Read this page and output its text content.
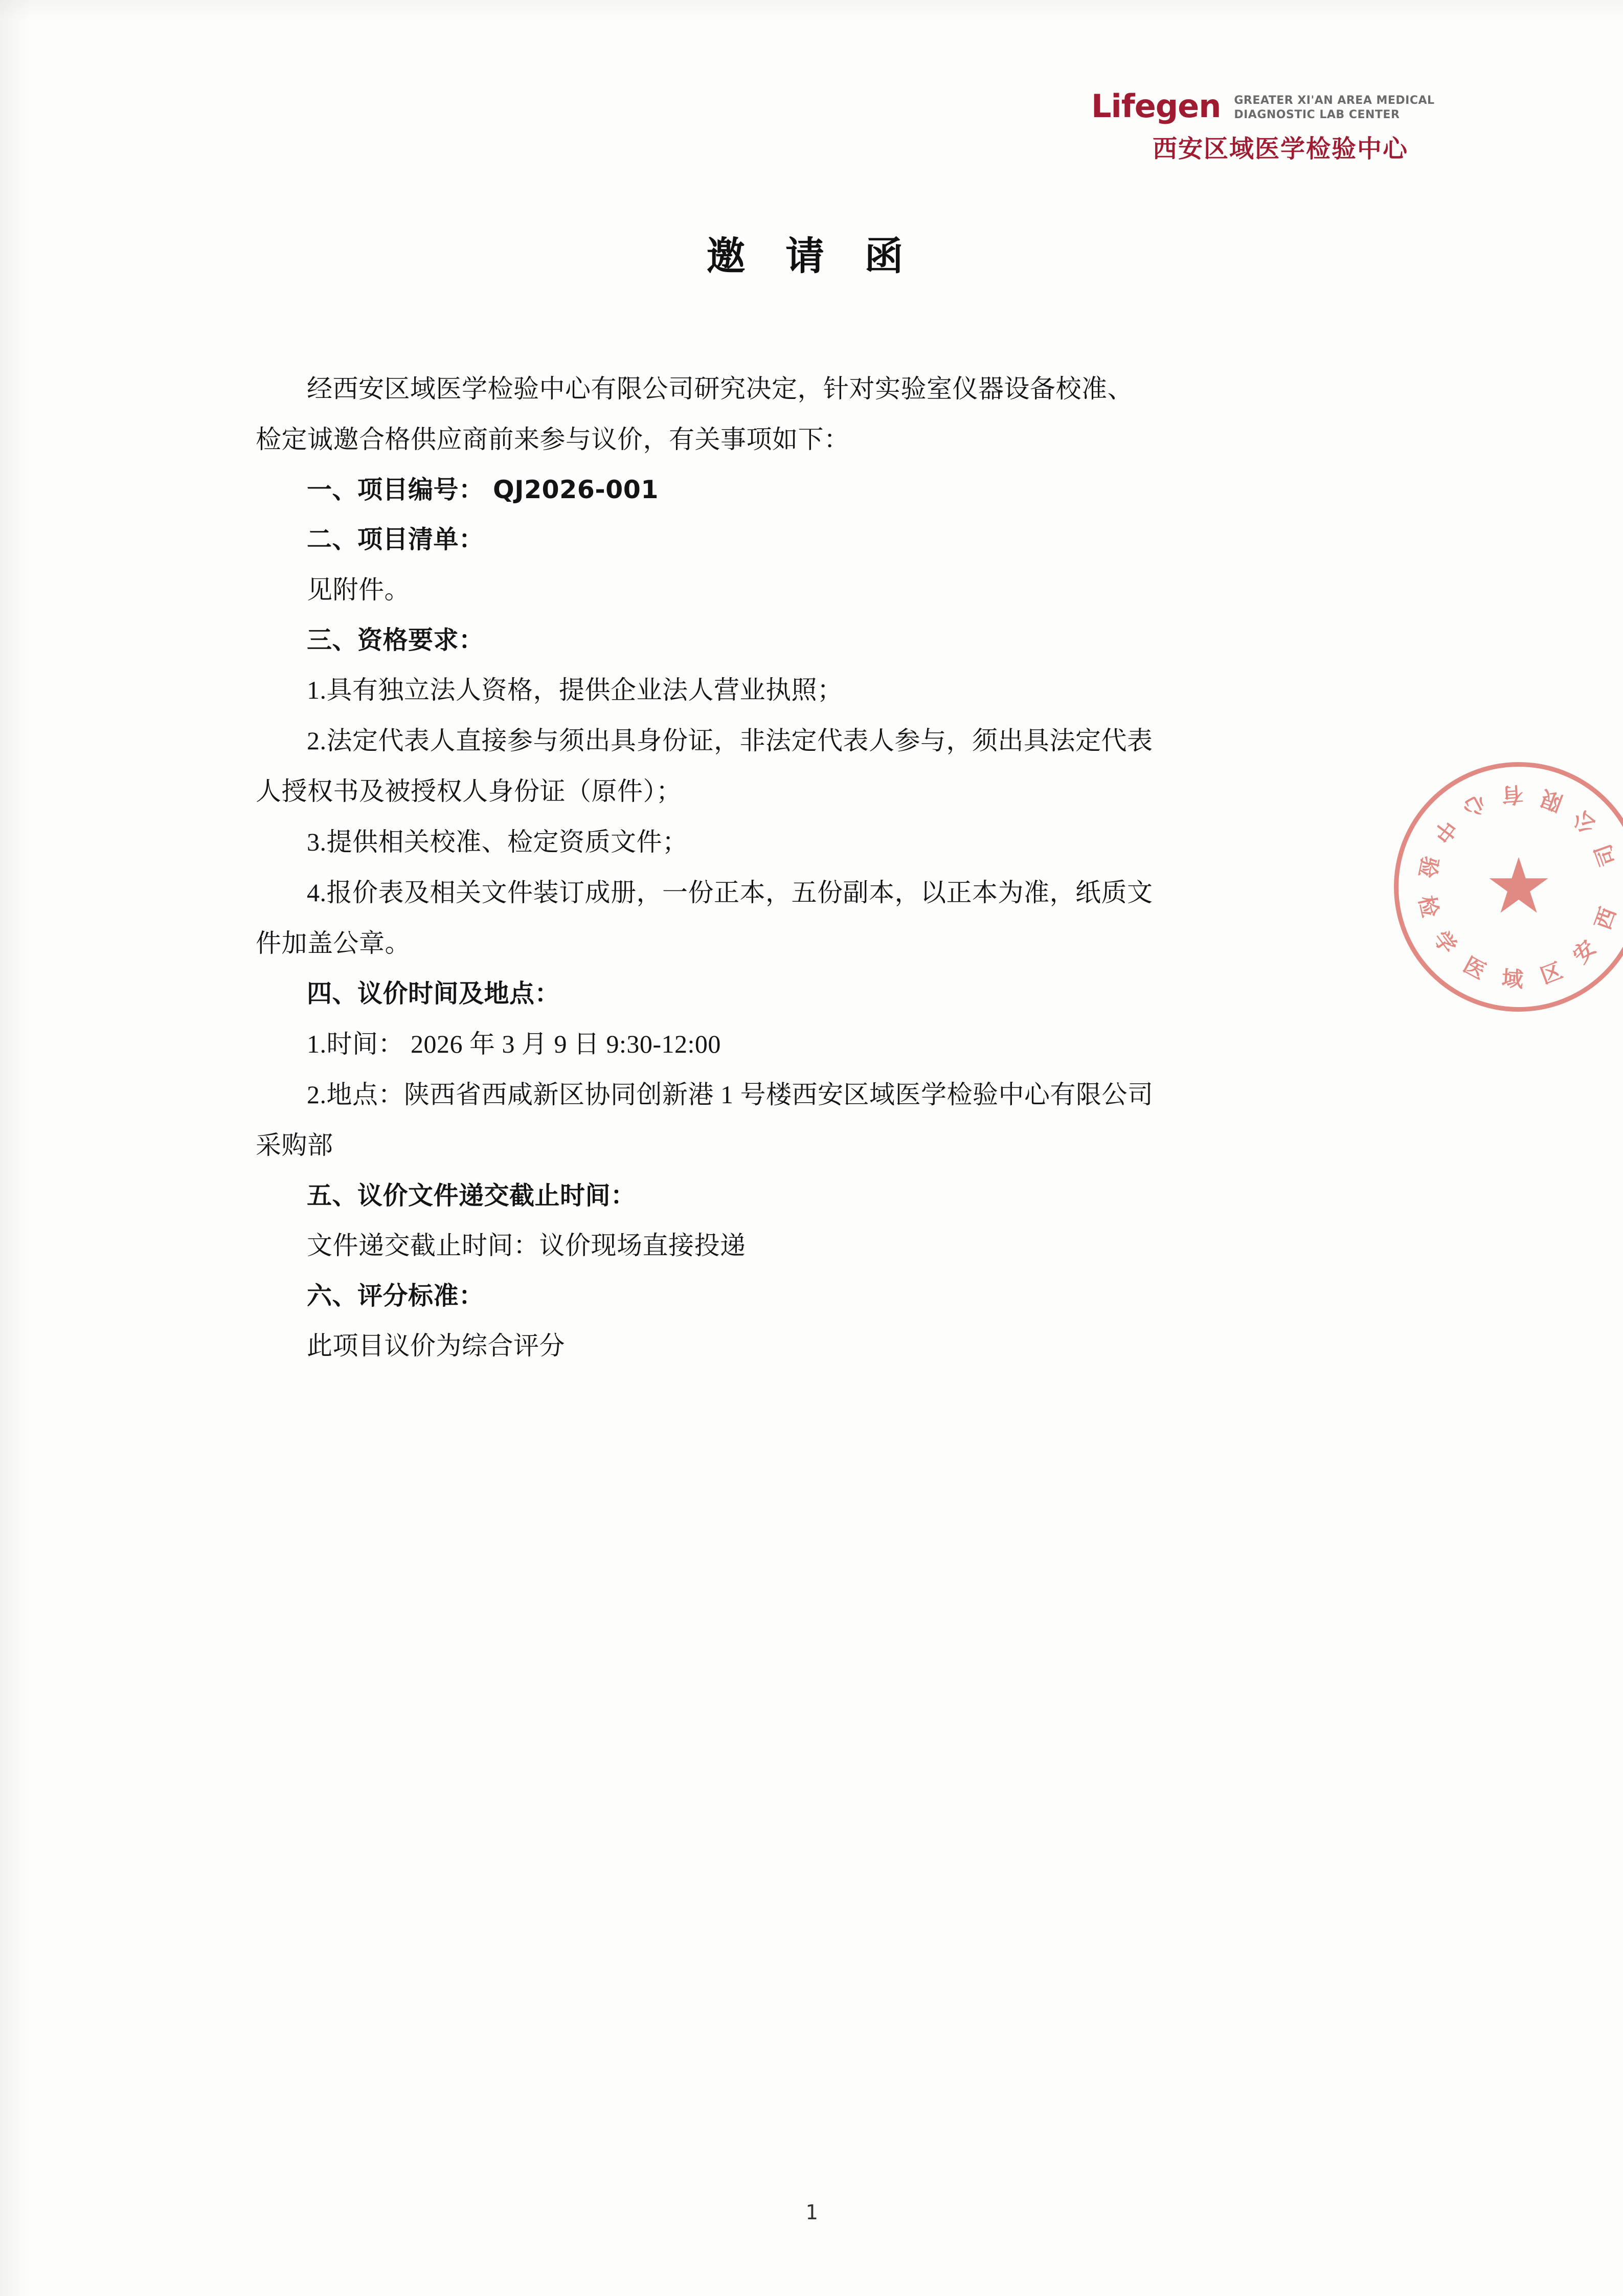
Lifegen GREATER XI'AN AREA MEDICAL
DIAGNOSTIC LAB CENTER
西安区域医学检验中心
邀 请 函

经西安区域医学检验中心有限公司研究决定，针对实验室仪器设备校准、

检定诚邀合格供应商前来参与议价，有关事项如下：

一、项目编号： QJ2026-001

二、项目清单：

见附件。

三、资格要求：

1.具有独立法人资格，提供企业法人营业执照；

2.法定代表人直接参与须出具身份证，非法定代表人参与，须出具法定代表

人授权书及被授权人身份证（原件）；

3.提供相关校准、检定资质文件；

4.报价表及相关文件装订成册，一份正本，五份副本，以正本为准，纸质文

件加盖公章。

四、议价时间及地点：

1.时间： 2026 年 3 月 9 日 9:30-12:00

2.地点：陕西省西咸新区协同创新港 1 号楼西安区域医学检验中心有限公司

采购部

五、议价文件递交截止时间：

文件递交截止时间：议价现场直接投递

六、评分标准：

此项目议价为综合评分

西
安
区
域
医
学
检
验
中
心 有 限
公
司
★
1
